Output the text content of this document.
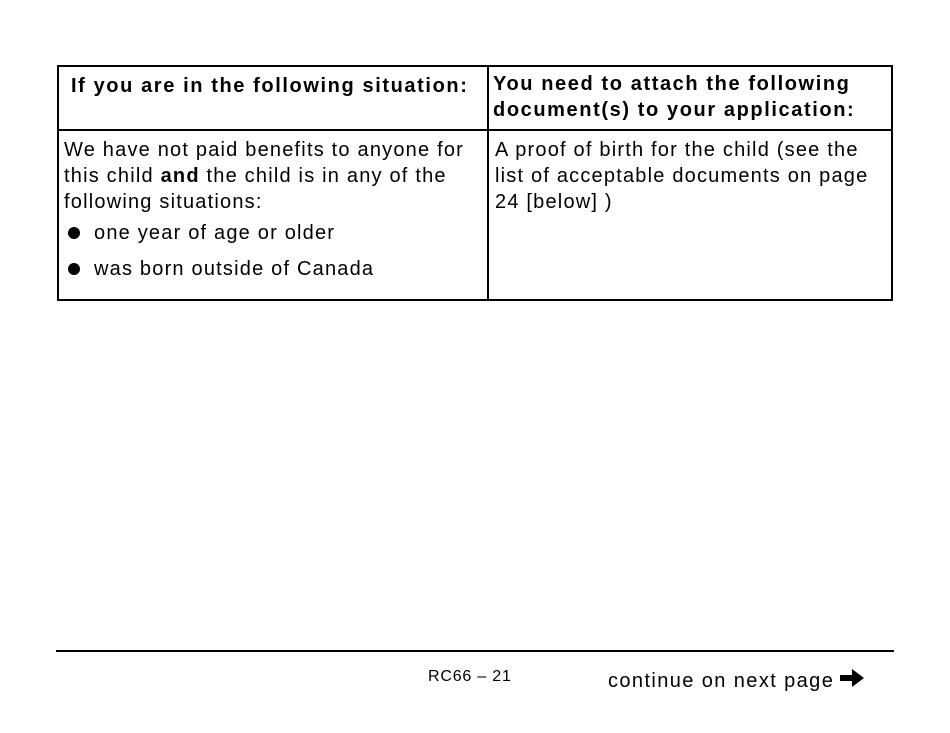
If you are in the following situation: You need to attach the following document(s) to your application:
We have not paid benefits to anyone for this child and the child is in any of the following situations:
one year of age or older
was born outside of Canada
A proof of birth for the child (see the list of acceptable documents on page 24 [below] )
RC66 – 21	continue on next page
